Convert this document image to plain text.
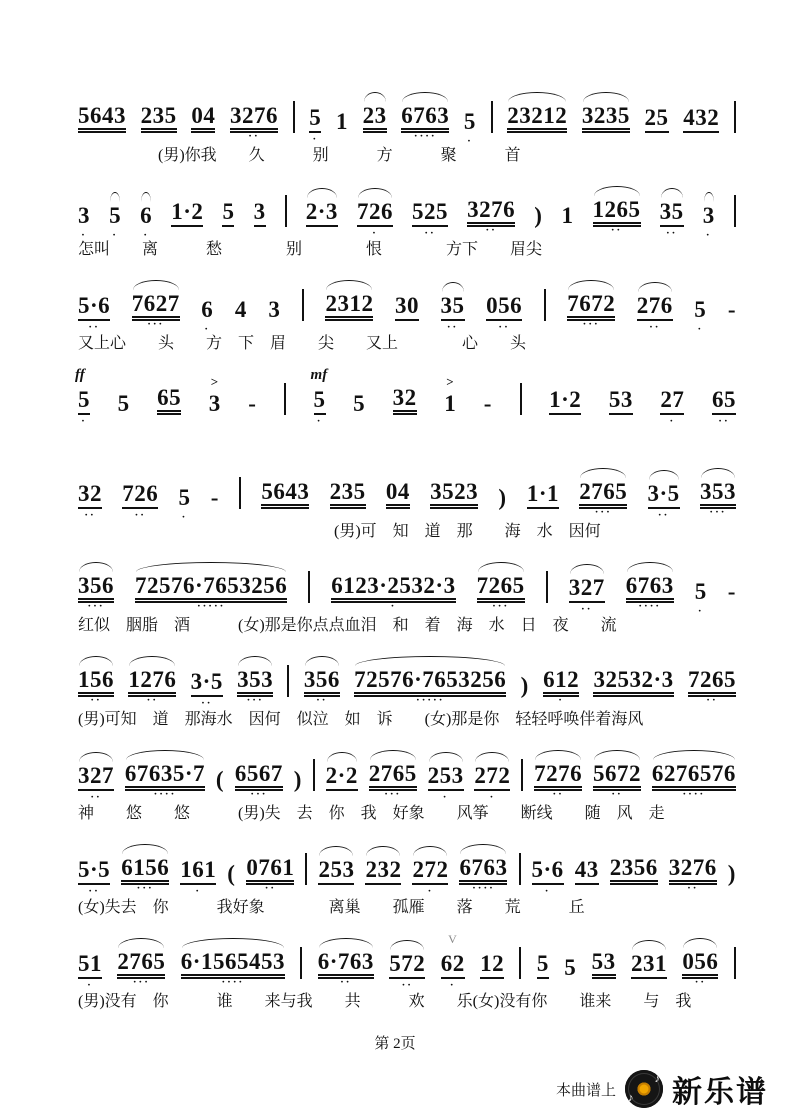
5643 235 04 3276
··
5
·
1 23 6763
····
5
·
23212 3235 25 432
　　　　　(男)你我　　久　　　别　　　方　　　聚　　　首
3
·
5
·
6
·
1·2 5 3 2·3 726
·
525
··
3276
··
) 1 1265
··
35
··
3
·
怎叫　　离　　　愁　　　　别　　　　恨　　　　方下　　眉尖
5·6
··
7627
···
6
·
4 3 2312 30 35
··
056
··
7672
···
276
··
5
·
-
又上心　　头　　方　下　眉　　尖　　又上　　　　心　　头
5
·
ff
5 65 3
>
- 5
·
mf
5 32 1
>
- 1·2 53 27
·
65
··
32
··
726
··
5
·
- 5643 235 04 3523 ) 1·1 2765
···
3·5
··
353
···
　　　　　　　　　　　　　　　　(男)可　知　道　那　　海　水　因何
356
···
72576·7653256
·····
6123·2532·3
·
7265
···
327
··
6763
····
5
·
-
红似　胭脂　酒　　　(女)那是你点点血泪　和　着　海　水　日　夜　　流
156
··
1276
··
3·5
··
353
···
356
··
72576·7653256
·····
) 612
·
32532·3 7265
··
(男)可知　道　那海水　因何　似泣　如　诉　　(女)那是你　轻轻呼唤伴着海风
327
··
67635·7
····
( 6567
···
) 2·2 2765
···
253
·
272
·
7276
··
5672
··
6276576
····
神　　悠　　悠　　　(男)失　去　你　我　好象　　风筝　　断线　　随　风　走
5·5
··
6156
···
161
·
( 0761
··
253 232 272
·
6763
····
5·6
·
43 2356 3276
··
)
(女)失去　你　　　我好象　　　　离巢　　孤雁　　落　　荒　　　丘
51
·
2765
···
6·1565453
····
6·763
··
572
··
62
·
V
12 5 5 53 231 056
··
(男)没有　你　　　谁　　来与我　　共　　　欢　　乐(女)没有你　　谁来　　与　我
第 2页
本曲谱上
♪
♪ 新乐谱
